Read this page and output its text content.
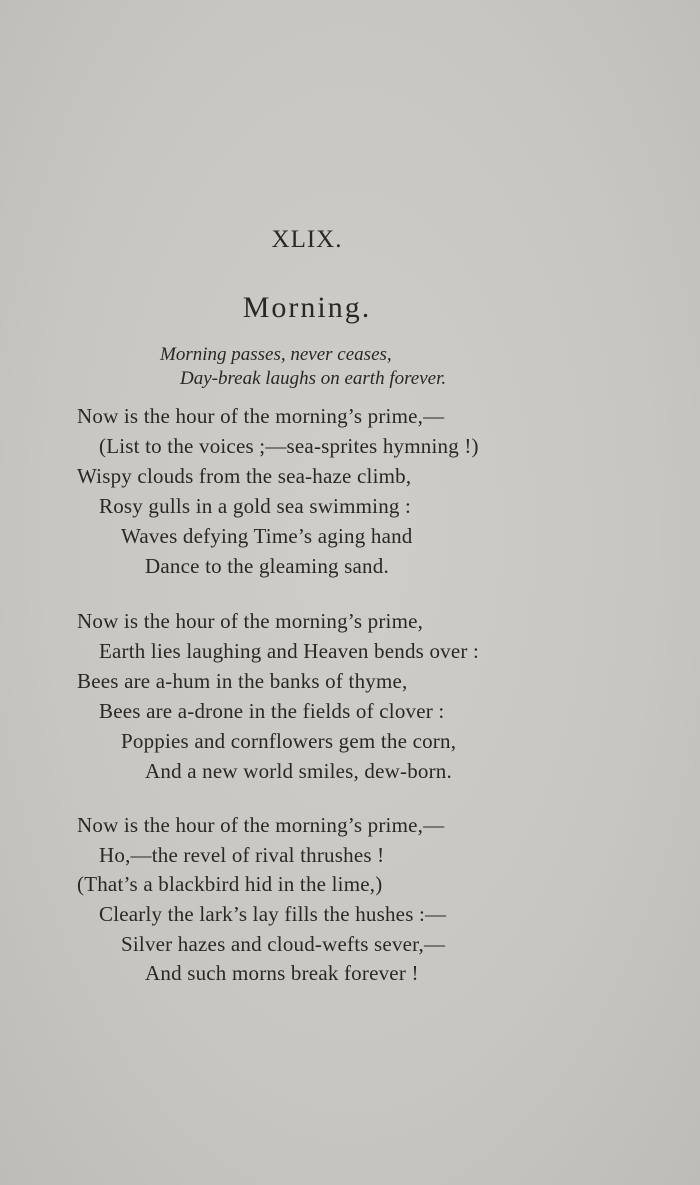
XLIX.
Morning.
Morning passes, never ceases,
Day-break laughs on earth forever.
Now is the hour of the morning’s prime,—
(List to the voices ;—sea-sprites hymning !)
Wispy clouds from the sea-haze climb,
Rosy gulls in a gold sea swimming :
Waves defying Time’s aging hand
Dance to the gleaming sand.
Now is the hour of the morning’s prime,
Earth lies laughing and Heaven bends over :
Bees are a-hum in the banks of thyme,
Bees are a-drone in the fields of clover :
Poppies and cornflowers gem the corn,
And a new world smiles, dew-born.
Now is the hour of the morning’s prime,—
Ho,—the revel of rival thrushes !
(That’s a blackbird hid in the lime,)
Clearly the lark’s lay fills the hushes :—
Silver hazes and cloud-wefts sever,—
And such morns break forever !
